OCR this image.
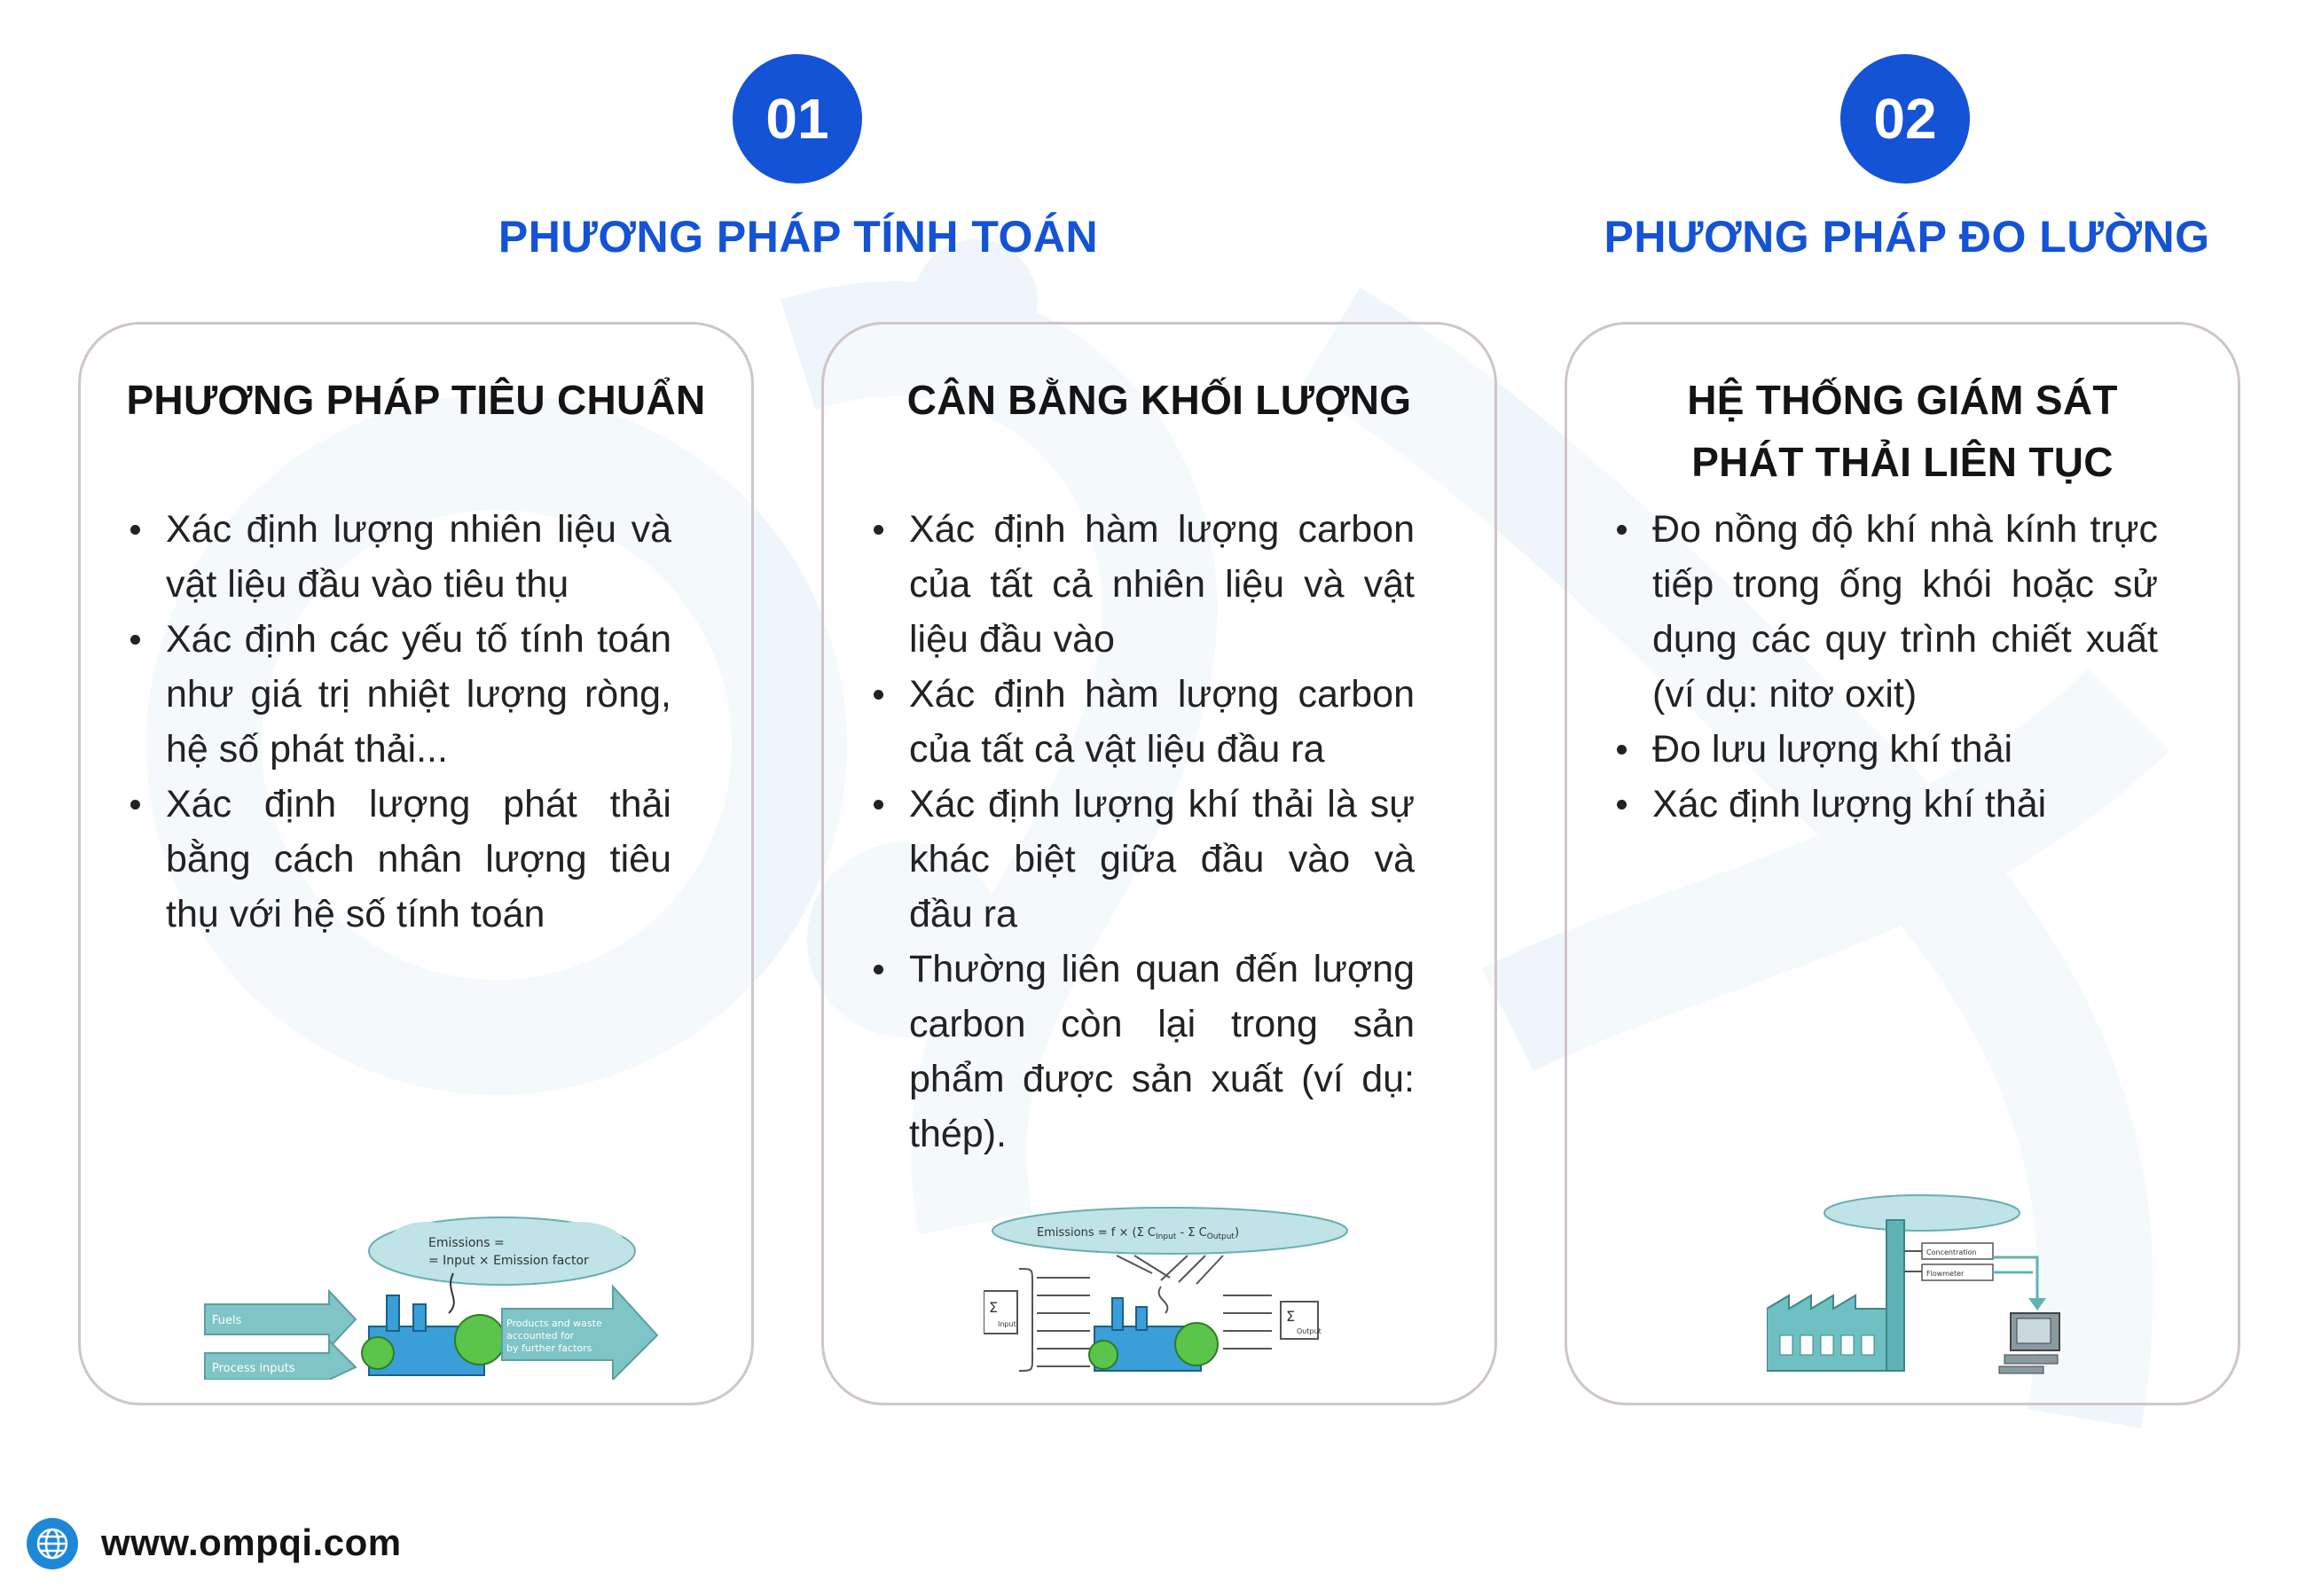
01
PHƯƠNG PHÁP TÍNH TOÁN
02
PHƯƠNG PHÁP ĐO LƯỜNG
PHƯƠNG PHÁP TIÊU CHUẨN
Xác định lượng nhiên liệu và vật liệu đầu vào tiêu thụ
Xác định các yếu tố tính toán như giá trị nhiệt lượng ròng, hệ số phát thải...
Xác định lượng phát thải bằng cách nhân lượng tiêu thụ với hệ số tính toán
Emissions =
= Input × Emission factor
Fuels
Process inputs
Products and waste
accounted for
by further factors
CÂN BẰNG KHỐI LƯỢNG
Xác định hàm lượng carbon của tất cả nhiên liệu và vật liệu đầu vào
Xác định hàm lượng carbon của tất cả vật liệu đầu ra
Xác định lượng khí thải là sự khác biệt giữa đầu vào và đầu ra
Thường liên quan đến lượng carbon còn lại trong sản phẩm được sản xuất (ví dụ: thép).
Emissions = f × (Σ $C_{Input}$ - Σ $C_{Output}$)
Σ
Input	Σ
Output
HỆ THỐNG GIÁM SÁT
PHÁT THẢI LIÊN TỤC
Đo nồng độ khí nhà kính trực tiếp trong ống khói hoặc sử dụng các quy trình chiết xuất (ví dụ: nitơ oxit)
Đo lưu lượng khí thải
Xác định lượng khí thải
Concentration
Flowmeter
www.ompqi.com
